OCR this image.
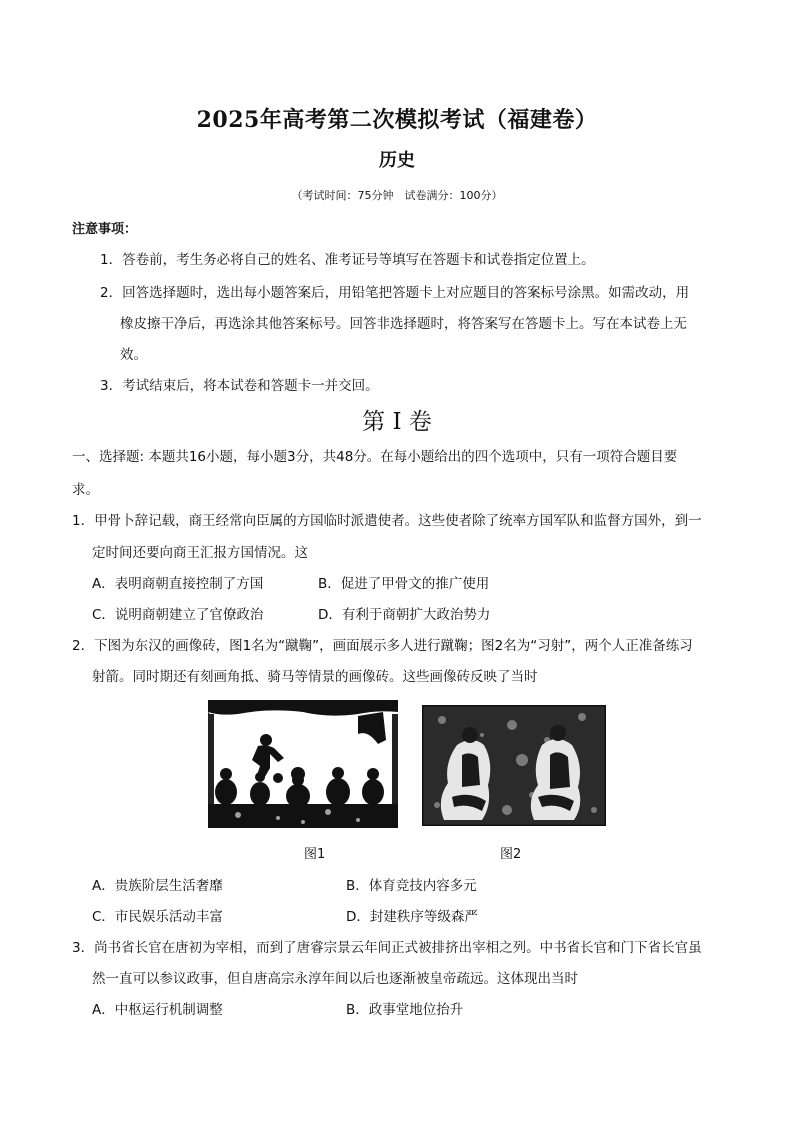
2025年高考第二次模拟考试（福建卷）
历史
（考试时间：75分钟　试卷满分：100分）
注意事项：
1．答卷前，考生务必将自己的姓名、准考证号等填写在答题卡和试卷指定位置上。
2．回答选择题时，选出每小题答案后，用铅笔把答题卡上对应题目的答案标号涂黑。如需改动，用
橡皮擦干净后，再选涂其他答案标号。回答非选择题时，将答案写在答题卡上。写在本试卷上无
效。
3．考试结束后，将本试卷和答题卡一并交回。
第 I 卷
一、选择题: 本题共16小题，每小题3分，共48分。在每小题给出的四个选项中，只有一项符合题目要
求。
1．甲骨卜辞记载，商王经常向臣属的方国临时派遣使者。这些使者除了统率方国军队和监督方国外，到一
定时间还要向商王汇报方国情况。这
A．表明商朝直接控制了方国	B．促进了甲骨文的推广使用
C．说明商朝建立了官僚政治	D．有利于商朝扩大政治势力
2．下图为东汉的画像砖，图1名为“蹴鞠”，画面展示多人进行蹴鞠；图2名为“习射”，两个人正准备练习
射箭。同时期还有刻画角抵、骑马等情景的画像砖。这些画像砖反映了当时
图1	图2
A．贵族阶层生活奢靡	B．体育竞技内容多元
C．市民娱乐活动丰富	D．封建秩序等级森严
3．尚书省长官在唐初为宰相，而到了唐睿宗景云年间正式被排挤出宰相之列。中书省长官和门下省长官虽
然一直可以参议政事，但自唐高宗永淳年间以后也逐渐被皇帝疏远。这体现出当时
A．中枢运行机制调整	B．政事堂地位抬升
